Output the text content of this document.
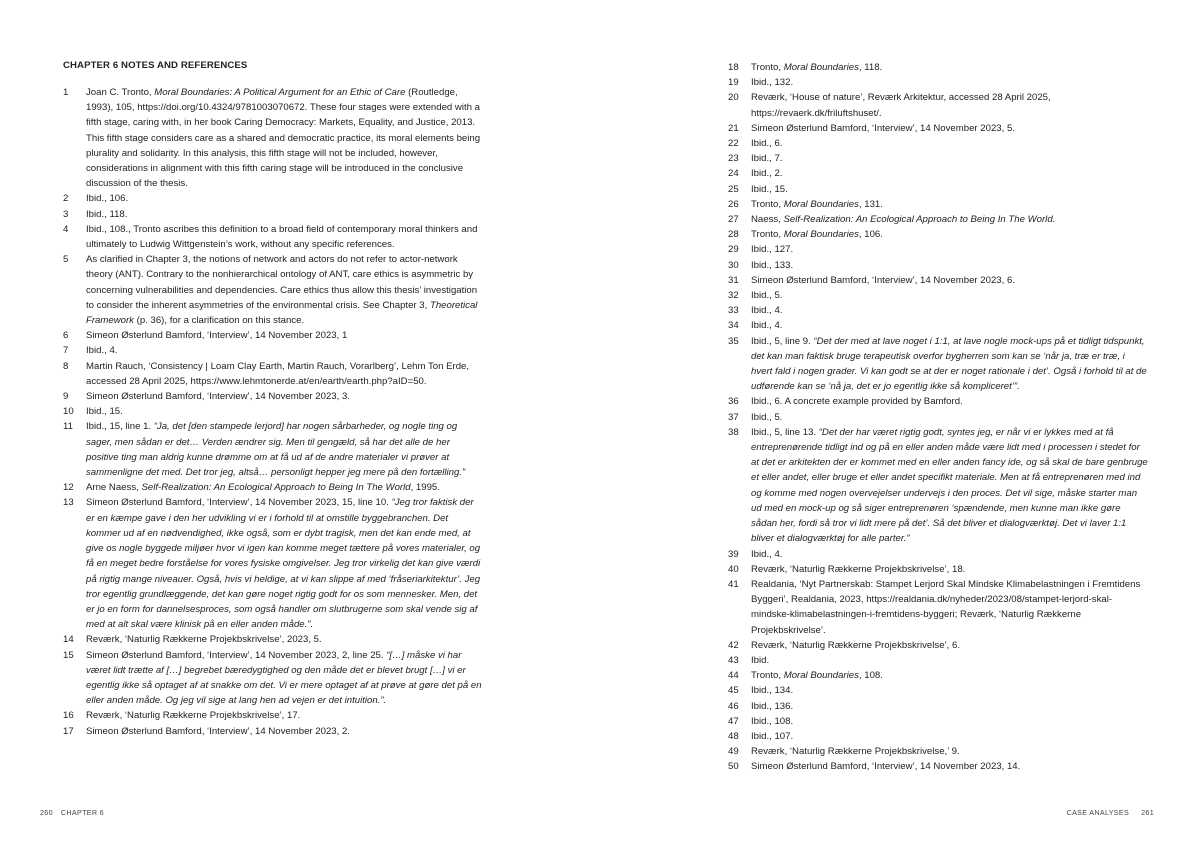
CHAPTER 6 NOTES AND REFERENCES
1	Joan C. Tronto, Moral Boundaries: A Political Argument for an Ethic of Care (Routledge, 1993), 105, https://doi.org/10.4324/9781003070672. These four stages were extended with a fifth stage, caring with, in her book Caring Democracy: Markets, Equality, and Justice, 2013. This fifth stage considers care as a shared and democratic practice, its moral elements being plurality and solidarity. In this analysis, this fifth stage will not be included, however, considerations in alignment with this fifth caring stage will be introduced in the conclusive discussion of the thesis.
2	Ibid., 106.
3	Ibid., 118.
4	Ibid., 108., Tronto ascribes this definition to a broad field of contemporary moral thinkers and ultimately to Ludwig Wittgenstein’s work, without any specific references.
5	As clarified in Chapter 3, the notions of network and actors do not refer to actor-network theory (ANT). Contrary to the nonhierarchical ontology of ANT, care ethics is asymmetric by concerning vulnerabilities and dependencies. Care ethics thus allow this thesis’ investigation to consider the inherent asymmetries of the environmental crisis. See Chapter 3, Theoretical Framework (p. 36), for a clarification on this stance.
6	Simeon Østerlund Bamford, ‘Interview’, 14 November 2023, 1
7	Ibid., 4.
8	Martin Rauch, ‘Consistency | Loam Clay Earth, Martin Rauch, Vorarlberg’, Lehm Ton Erde, accessed 28 April 2025, https://www.lehmtonerde.at/en/earth/earth.php?aID=50.
9	Simeon Østerlund Bamford, ‘Interview’, 14 November 2023, 3.
10	Ibid., 15.
11	Ibid., 15, line 1. “Ja, det [den stampede lerjord] har nogen sårbarheder, og nogle ting og sager, men sådan er det… Verden ændrer sig. Men til gengæld, så har det alle de her positive ting man aldrig kunne drømme om at få ud af de andre materialer vi prøver at sammenligne det med. Det tror jeg, altså… personligt hepper jeg mere på den fortælling.”
12	Arne Naess, Self-Realization: An Ecological Approach to Being In The World, 1995.
13	Simeon Østerlund Bamford, ‘Interview’, 14 November 2023, 15, line 10. “Jeg tror faktisk der er en kæmpe gave i den her udvikling vi er i forhold til at omstille byggebranchen. Det kommer ud af en nødvendighed, ikke også, som er dybt tragisk, men det kan ende med, at give os nogle byggede miljøer hvor vi igen kan komme meget tættere på vores materialer, og få en meget bedre forståelse for vores fysiske omgivelser. Jeg tror virkelig det kan give værdi på rigtig mange niveauer. Også, hvis vi heldige, at vi kan slippe af med ‘fråseriarkitektur’. Jeg tror egentlig grundlæggende, det kan gøre noget rigtig godt for os som mennesker. Men, det er jo en form for dannelsesproces, som også handler om slutbrugerne som skal vende sig af med at alt skal være klinisk på en eller anden måde.”.
14	Reværk, ‘Naturlig Rækkerne Projekbskrivelse’, 2023, 5.
15	Simeon Østerlund Bamford, ‘Interview’, 14 November 2023, 2, line 25. “[…] måske vi har været lidt trætte af […] begrebet bæredygtighed og den måde det er blevet brugt […] vi er egentlig ikke så optaget af at snakke om det. Vi er mere optaget af at prøve at gøre det på en eller anden måde. Og jeg vil sige at lang hen ad vejen er det intuition.”.
16	Reværk, ‘Naturlig Rækkerne Projekbskrivelse’, 17.
17	Simeon Østerlund Bamford, ‘Interview’, 14 November 2023, 2.
18	Tronto, Moral Boundaries, 118.
19	Ibid., 132.
20	Reværk, ‘House of nature’, Reværk Arkitektur, accessed 28 April 2025, https://revaerk.dk/friluftshuset/.
21	Simeon Østerlund Bamford, ‘Interview’, 14 November 2023, 5.
22	Ibid., 6.
23	Ibid., 7.
24	Ibid., 2.
25	Ibid., 15.
26	Tronto, Moral Boundaries, 131.
27	Naess, Self-Realization: An Ecological Approach to Being In The World.
28	Tronto, Moral Boundaries, 106.
29	Ibid., 127.
30	Ibid., 133.
31	Simeon Østerlund Bamford, ‘Interview’, 14 November 2023, 6.
32	Ibid., 5.
33	Ibid., 4.
34	Ibid., 4.
35	Ibid., 5, line 9. “Det der med at lave noget i 1:1, at lave nogle mock-ups på et tidligt tidspunkt, det kan man faktisk bruge terapeutisk overfor bygherren som kan se ‘når ja, træ er træ, i hvert fald i nogen grader. Vi kan godt se at der er noget rationale i det’. Også i forhold til at de udførende kan se ‘nå ja, det er jo egentlig ikke så kompliceret’”.
36	Ibid., 6. A concrete example provided by Bamford.
37	Ibid., 5.
38	Ibid., 5, line 13. “Det der har været rigtig godt, syntes jeg, er når vi er lykkes med at få entreprenørende tidligt ind og på en eller anden måde være lidt med i processen i stedet for at det er arkitekten der er kommet med en eller anden fancy ide, og så skal de bare genbruge et eller andet, eller bruge et eller andet specifikt materiale. Men at få entreprenøren med ind og komme med nogen overvejelser undervejs i den proces. Det vil sige, måske starter man ud med en mock-up og så siger entreprenøren ‘spændende, men kunne man ikke gøre sådan her, fordi så tror vi lidt mere på det’. Så det bliver et dialogværktøj. Det vi laver 1:1 bliver et dialogværktøj for alle parter.”
39	Ibid., 4.
40	Reværk, ‘Naturlig Rækkerne Projekbskrivelse’, 18.
41	Realdania, ‘Nyt Partnerskab: Stampet Lerjord Skal Mindske Klimabelastningen i Fremtidens Byggeri’, Realdania, 2023, https://realdania.dk/nyheder/2023/08/stampet-lerjord-skal-mindske-klimabelastningen-i-fremtidens-byggeri; Reværk, ‘Naturlig Rækkerne Projekbskrivelse’.
42	Reværk, ‘Naturlig Rækkerne Projekbskrivelse’, 6.
43	Ibid.
44	Tronto, Moral Boundaries, 108.
45	Ibid., 134.
46	Ibid., 136.
47	Ibid., 108.
48	Ibid., 107.
49	Reværk, ‘Naturlig Rækkerne Projekbskrivelse,’ 9.
50	Simeon Østerlund Bamford, ‘Interview’, 14 November 2023, 14.
260 CHAPTER 6	CASE ANALYSES 261
